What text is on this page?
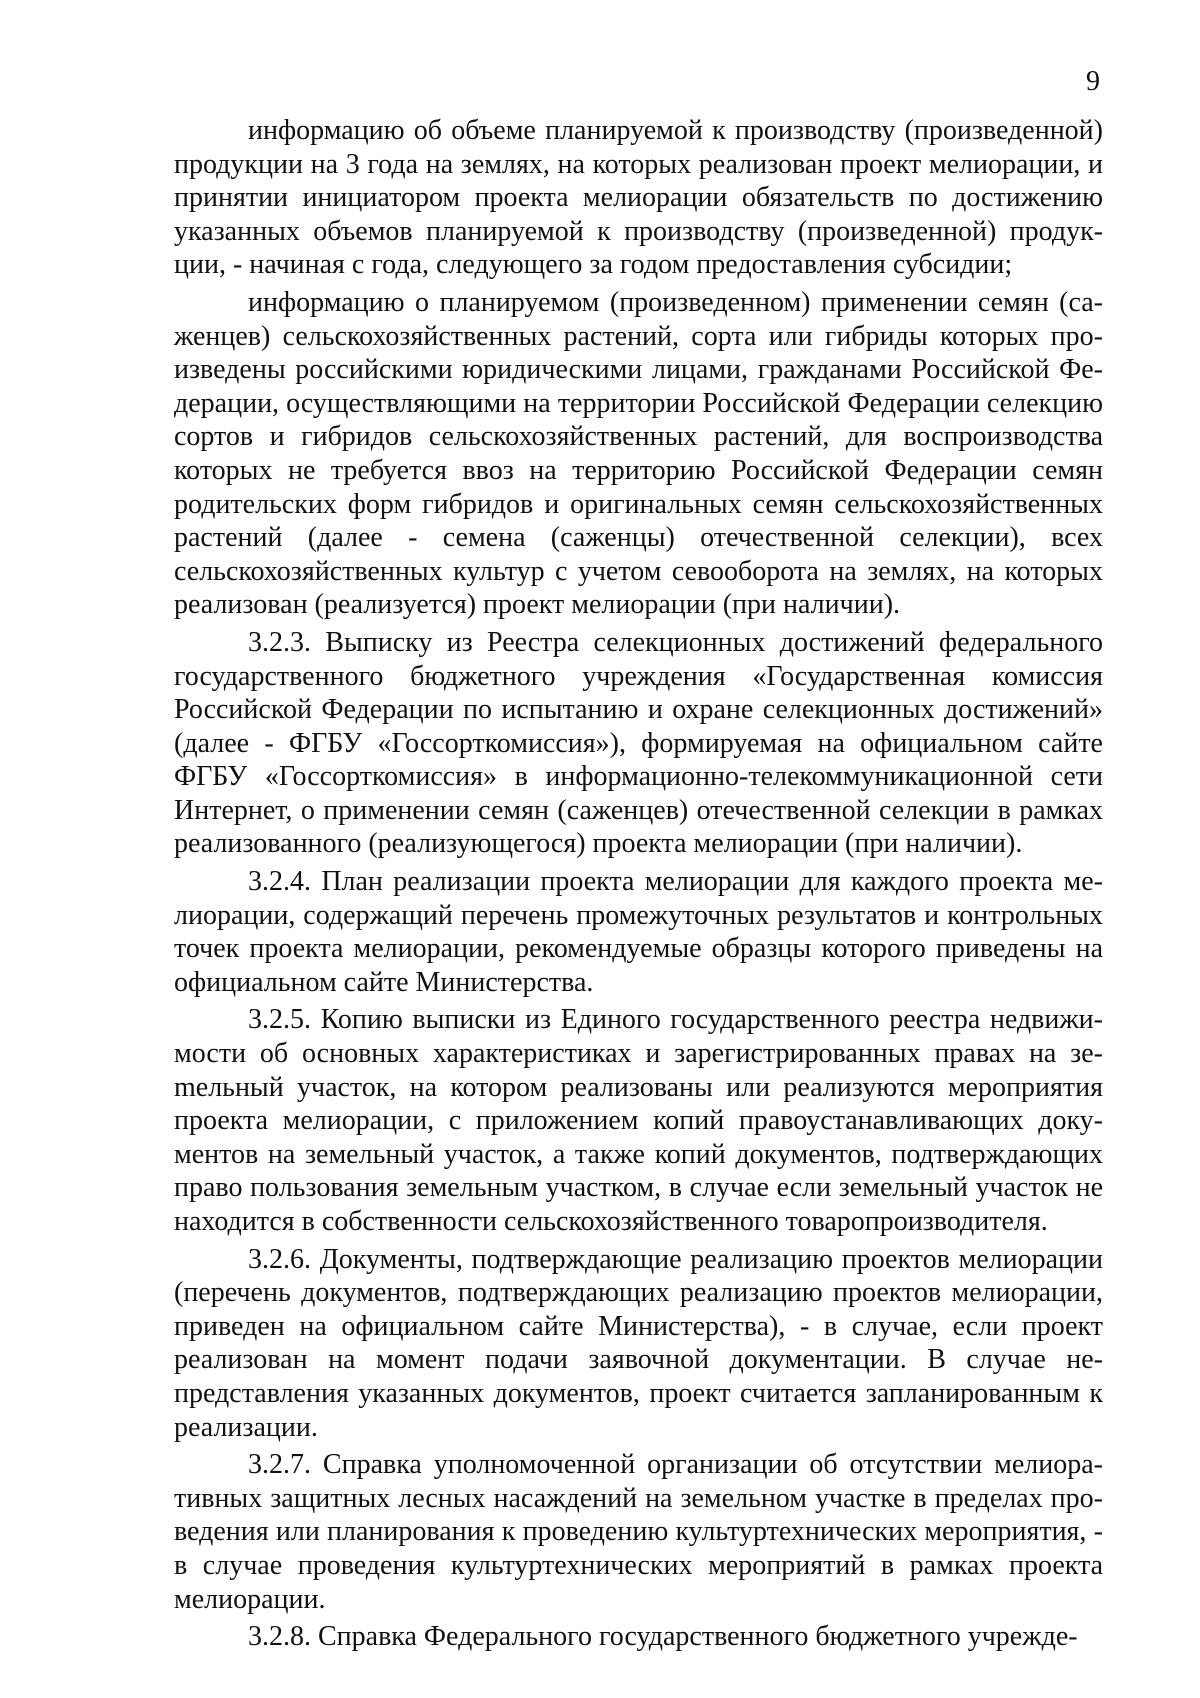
9

информацию об объеме планируемой к производству (произведенной) продукции на 3 года на землях, на которых реализован проект мелиорации, и принятии инициатором проекта мелиорации обязательств по достижению указанных объемов планируемой к производству (произведенной) продукции, - начиная с года, следующего за годом предоставления субсидии;

информацию о планируемом (произведенном) применении семян (саженцев) сельскохозяйственных растений, сорта или гибриды которых произведены российскими юридическими лицами, гражданами Российской Федерации, осуществляющими на территории Российской Федерации селекцию сортов и гибридов сельскохозяйственных растений, для воспроизводства которых не требуется ввоз на территорию Российской Федерации семян родительских форм гибридов и оригинальных семян сельскохозяйственных растений (далее - семена (саженцы) отечественной селекции), всех сельскохозяйственных культур с учетом севооборота на землях, на которых реализован (реализуется) проект мелиорации (при наличии).

3.2.3. Выписку из Реестра селекционных достижений федерального государственного бюджетного учреждения «Государственная комиссия Российской Федерации по испытанию и охране селекционных достижений» (далее - ФГБУ «Госсорткомиссия»), формируемая на официальном сайте ФГБУ «Госсорткомиссия» в информационно-телекоммуникационной сети Интернет, о применении семян (саженцев) отечественной селекции в рамках реализованного (реализующегося) проекта мелиорации (при наличии).

3.2.4. План реализации проекта мелиорации для каждого проекта мелиорации, содержащий перечень промежуточных результатов и контрольных точек проекта мелиорации, рекомендуемые образцы которого приведены на официальном сайте Министерства.

3.2.5. Копию выписки из Единого государственного реестра недвижимости об основных характеристиках и зарегистрированных правах на зеmельный участок, на котором реализованы или реализуются мероприятия проекта мелиорации, с приложением копий правоустанавливающих документов на земельный участок, а также копий документов, подтверждающих право пользования земельным участком, в случае если земельный участок не находится в собственности сельскохозяйственного товаропроизводителя.

3.2.6. Документы, подтверждающие реализацию проектов мелиорации (перечень документов, подтверждающих реализацию проектов мелиорации, приведен на официальном сайте Министерства), - в случае, если проект реализован на момент подачи заявочной документации. В случае непредставления указанных документов, проект считается запланированным к реализации.

3.2.7. Справка уполномоченной организации об отсутствии мелиоративных защитных лесных насаждений на земельном участке в пределах проведения или планирования к проведению культуртехнических мероприятия, - в случае проведения культуртехнических мероприятий в рамках проекта мелиорации.

3.2.8. Справка Федерального государственного бюджетного учрежде-
